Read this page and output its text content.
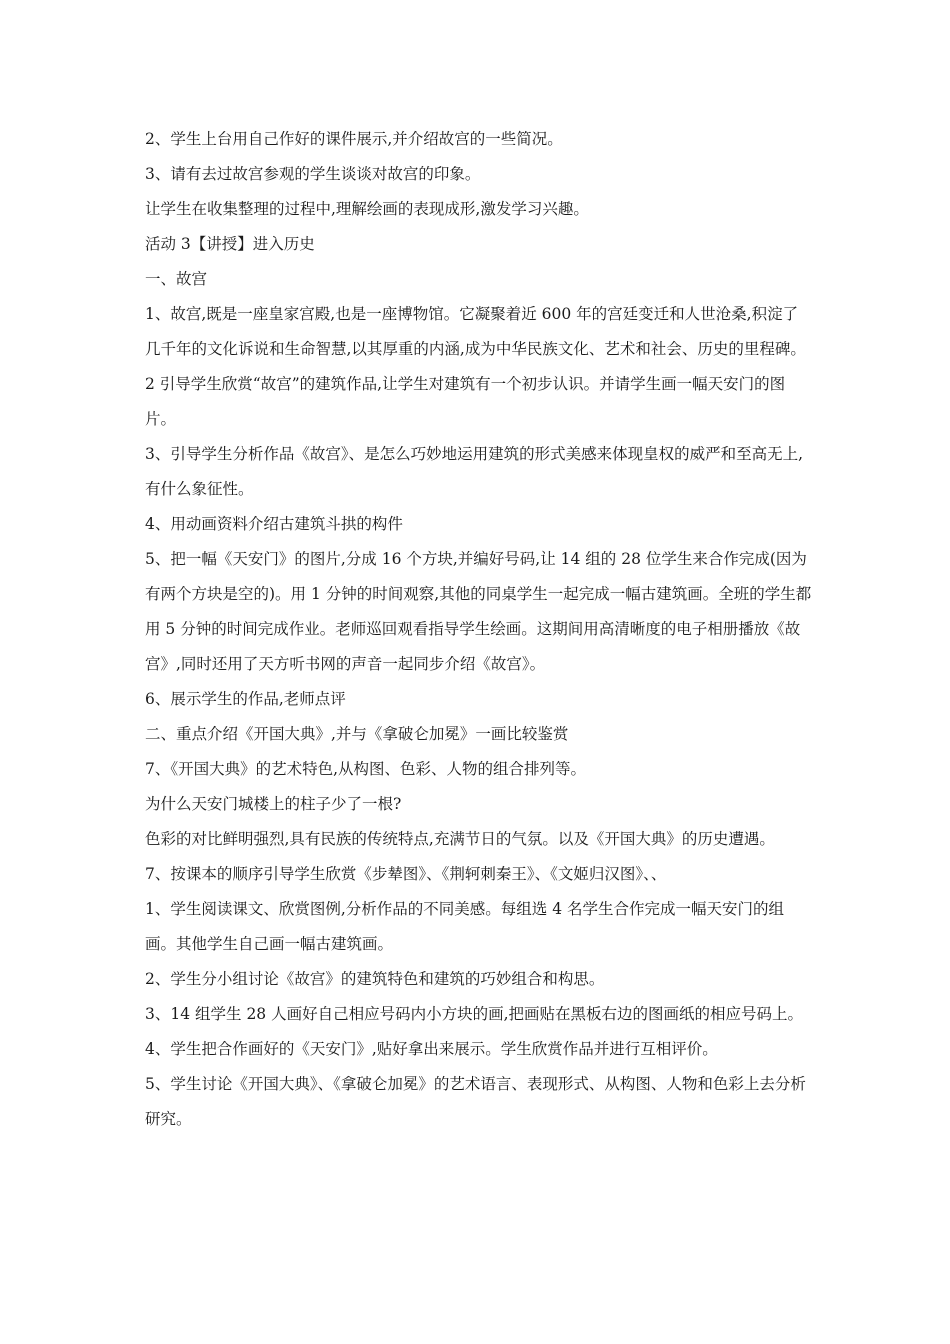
2、学生上台用自己作好的课件展示,并介绍故宫的一些简况。

3、请有去过故宫参观的学生谈谈对故宫的印象。

让学生在收集整理的过程中,理解绘画的表现成形,激发学习兴趣。

活动 3【讲授】进入历史

一、故宫

1、故宫,既是一座皇家宫殿,也是一座博物馆。它凝聚着近 600 年的宫廷变迁和人世沧桑,积淀了几千年的文化诉说和生命智慧,以其厚重的内涵,成为中华民族文化、艺术和社会、历史的里程碑。

2 引导学生欣赏“故宫”的建筑作品,让学生对建筑有一个初步认识。并请学生画一幅天安门的图片。

3、引导学生分析作品《故宫》、是怎么巧妙地运用建筑的形式美感来体现皇权的威严和至高无上,有什么象征性。

4、用动画资料介绍古建筑斗拱的构件

5、把一幅《天安门》的图片,分成 16 个方块,并编好号码,让 14 组的 28 位学生来合作完成(因为有两个方块是空的)。用 1 分钟的时间观察,其他的同桌学生一起完成一幅古建筑画。全班的学生都用 5 分钟的时间完成作业。老师巡回观看指导学生绘画。这期间用高清晰度的电子相册播放《故宫》,同时还用了天方听书网的声音一起同步介绍《故宫》。

6、展示学生的作品,老师点评

二、重点介绍《开国大典》,并与《拿破仑加冕》一画比较鉴赏

7、《开国大典》的艺术特色,从构图、色彩、人物的组合排列等。

为什么天安门城楼上的柱子少了一根?

色彩的对比鲜明强烈,具有民族的传统特点,充满节日的气氛。以及《开国大典》的历史遭遇。

7、按课本的顺序引导学生欣赏《步辇图》、《荆轲刺秦王》、《文姬归汉图》、、

1、学生阅读课文、欣赏图例,分析作品的不同美感。每组选 4 名学生合作完成一幅天安门的组画。其他学生自己画一幅古建筑画。

2、学生分小组讨论《故宫》的建筑特色和建筑的巧妙组合和构思。

3、14 组学生 28 人画好自己相应号码内小方块的画,把画贴在黑板右边的图画纸的相应号码上。

4、学生把合作画好的《天安门》,贴好拿出来展示。学生欣赏作品并进行互相评价。

5、学生讨论《开国大典》、《拿破仑加冕》的艺术语言、表现形式、从构图、人物和色彩上去分析研究。
